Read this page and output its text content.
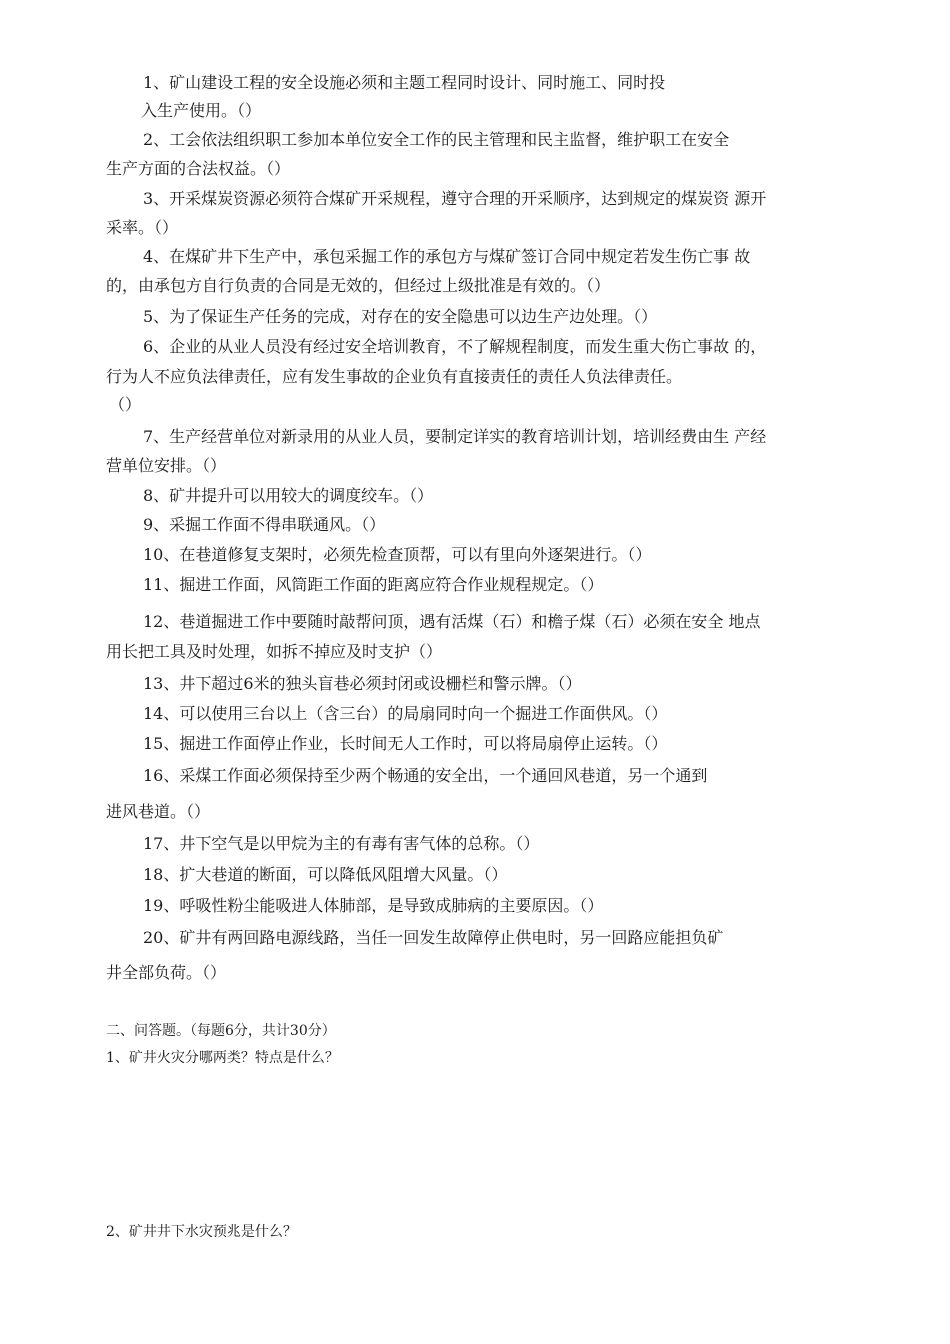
1、矿山建设工程的安全设施必须和主题工程同时设计、同时施工、同时投
入生产使用。（）
2、工会依法组织职工参加本单位安全工作的民主管理和民主监督，维护职工在安全
生产方面的合法权益。（）
3、开采煤炭资源必须符合煤矿开采规程，遵守合理的开采顺序，达到规定的煤炭资 源开
采率。（）
4、在煤矿井下生产中，承包采掘工作的承包方与煤矿签订合同中规定若发生伤亡事 故
的，由承包方自行负责的合同是无效的，但经过上级批准是有效的。（）
5、为了保证生产任务的完成，对存在的安全隐患可以边生产边处理。（）
6、企业的从业人员没有经过安全培训教育，不了解规程制度，而发生重大伤亡事故 的，
行为人不应负法律责任，应有发生事故的企业负有直接责任的责任人负法律责任。
（）
7、生产经营单位对新录用的从业人员，要制定详实的教育培训计划，培训经费由生 产经
营单位安排。（）
8、矿井提升可以用较大的调度绞车。（）
9、采掘工作面不得串联通风。（）
10、在巷道修复支架时，必须先检查顶帮，可以有里向外逐架进行。（）
11、掘进工作面，风筒距工作面的距离应符合作业规程规定。（）
12、巷道掘进工作中要随时敲帮问顶，遇有活煤（石）和檐子煤（石）必须在安全 地点
用长把工具及时处理，如拆不掉应及时支护（）
13、井下超过6米的独头盲巷必须封闭或设栅栏和警示牌。（）
14、可以使用三台以上（含三台）的局扇同时向一个掘进工作面供风。（）
15、掘进工作面停止作业，长时间无人工作时，可以将局扇停止运转。（）
16、采煤工作面必须保持至少两个畅通的安全出，一个通回风巷道，另一个通到
进风巷道。（）
17、井下空气是以甲烷为主的有毒有害气体的总称。（）
18、扩大巷道的断面，可以降低风阻增大风量。（）
19、呼吸性粉尘能吸进人体肺部，是导致成肺病的主要原因。（）
20、矿井有两回路电源线路，当任一回发生故障停止供电时，另一回路应能担负矿
井全部负荷。（）
二、问答题。（每题6分，共计30分）
1、矿井火灾分哪两类？特点是什么？
2、矿井井下水灾预兆是什么？
